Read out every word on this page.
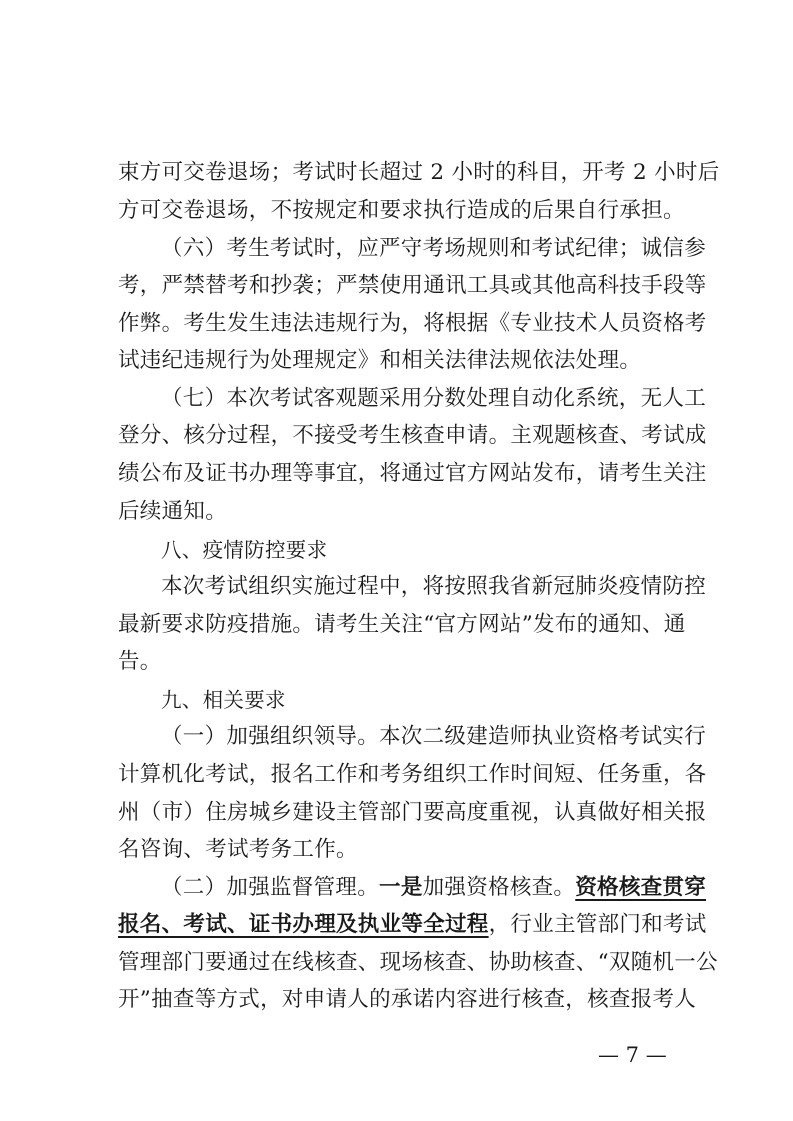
束方可交卷退场；考试时长超过 2 小时的科目，开考 2 小时后
方可交卷退场，不按规定和要求执行造成的后果自行承担。
（六）考生考试时，应严守考场规则和考试纪律；诚信参
考，严禁替考和抄袭；严禁使用通讯工具或其他高科技手段等
作弊。考生发生违法违规行为，将根据《专业技术人员资格考
试违纪违规行为处理规定》和相关法律法规依法处理。
（七）本次考试客观题采用分数处理自动化系统，无人工
登分、核分过程，不接受考生核查申请。主观题核查、考试成
绩公布及证书办理等事宜，将通过官方网站发布，请考生关注
后续通知。
八、疫情防控要求
本次考试组织实施过程中，将按照我省新冠肺炎疫情防控
最新要求防疫措施。请考生关注“官方网站”发布的通知、通
告。
九、相关要求
（一）加强组织领导。本次二级建造师执业资格考试实行
计算机化考试，报名工作和考务组织工作时间短、任务重，各
州（市）住房城乡建设主管部门要高度重视，认真做好相关报
名咨询、考试考务工作。
（二）加强监督管理。一是加强资格核查。资格核查贯穿
报名、考试、证书办理及执业等全过程，行业主管部门和考试
管理部门要通过在线核查、现场核查、协助核查、“双随机一公
开”抽查等方式，对申请人的承诺内容进行核查，核查报考人
— 7 —
